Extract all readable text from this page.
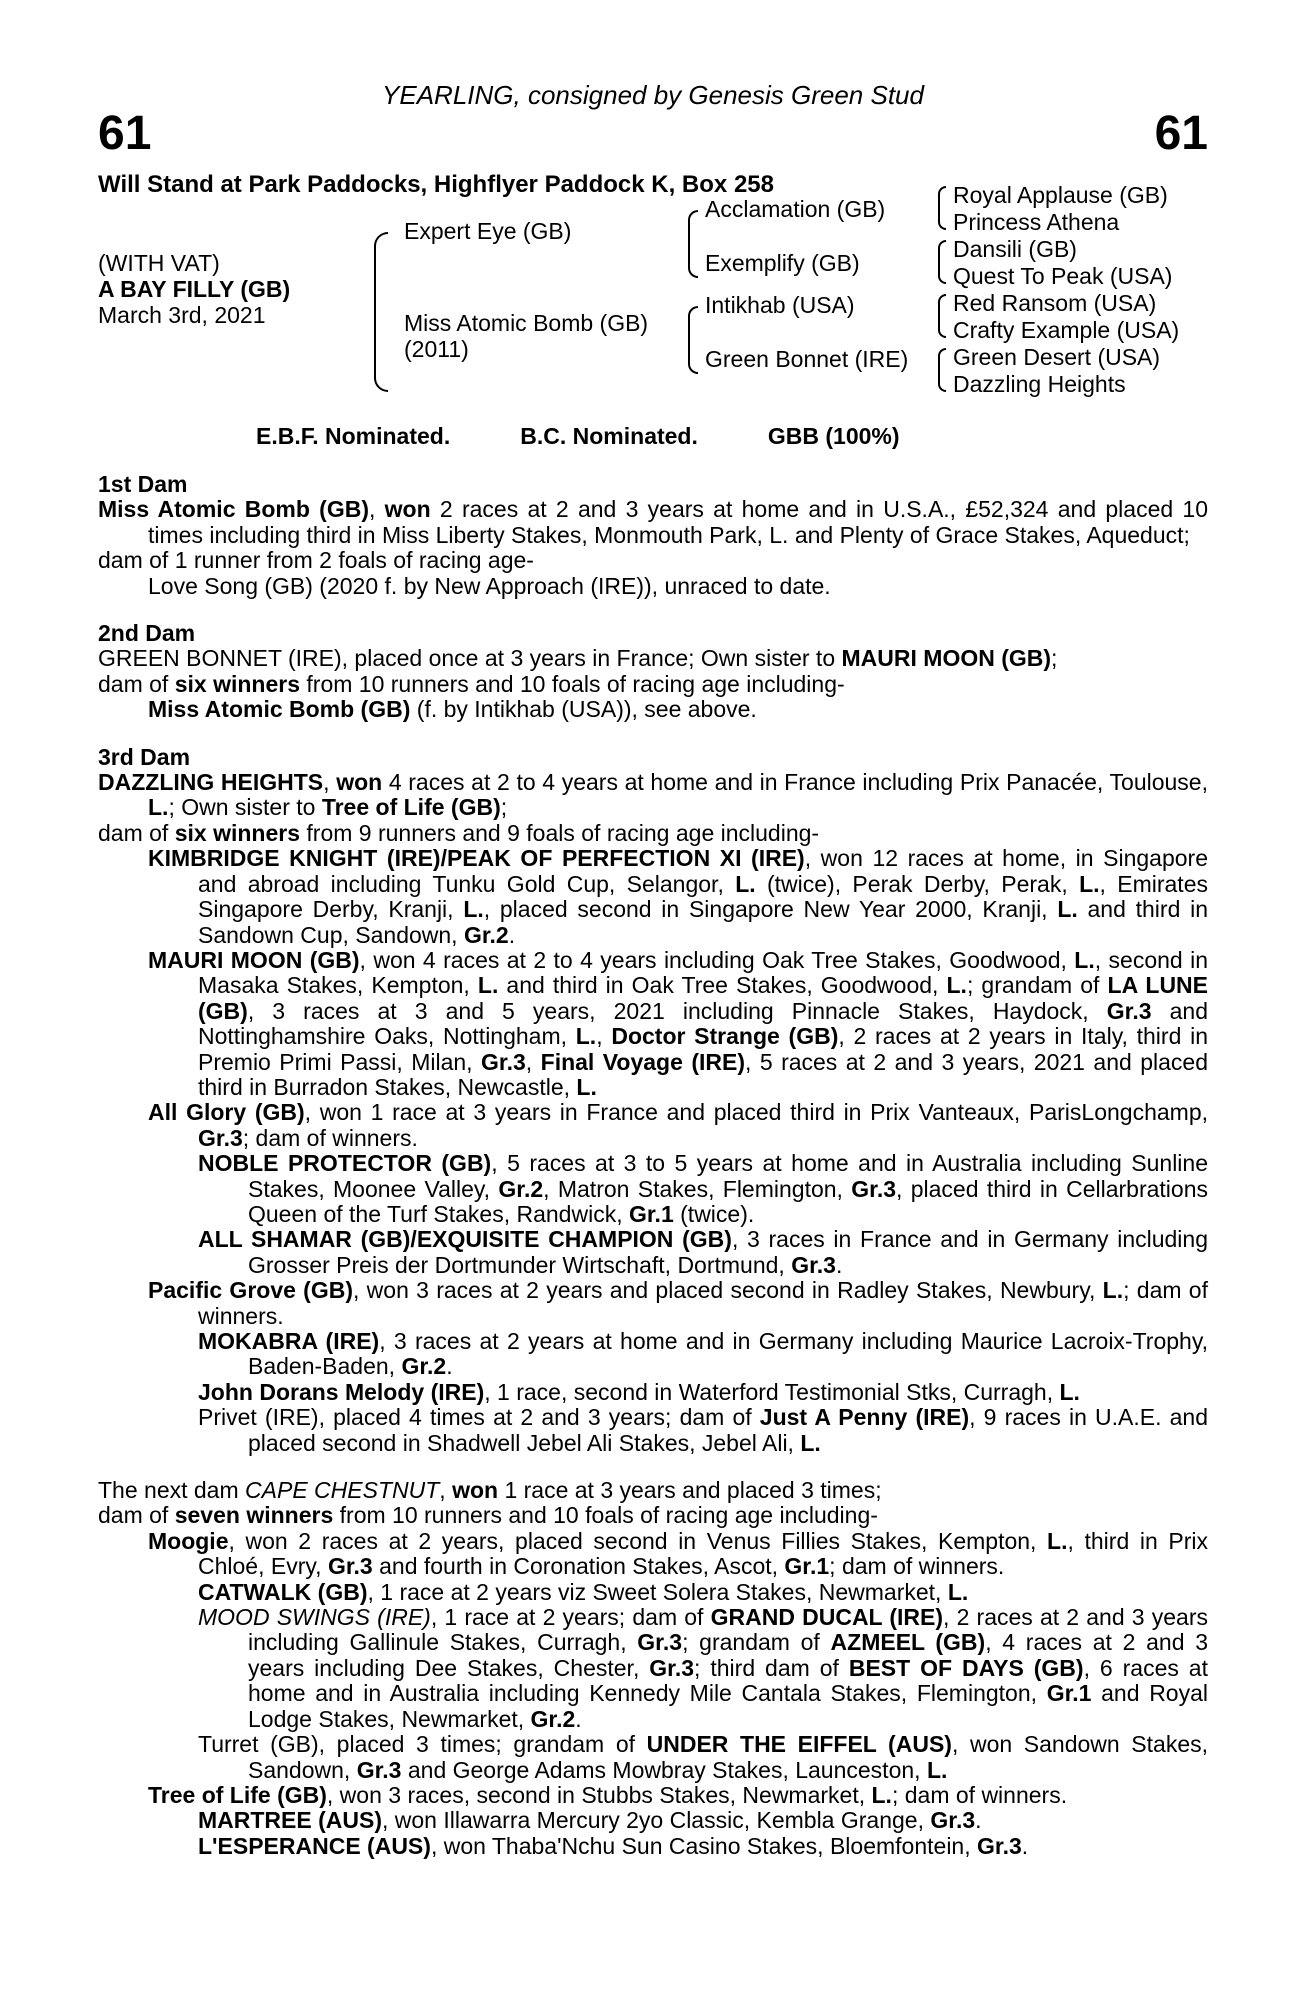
YEARLING, consigned by Genesis Green Stud
61	61
Will Stand at Park Paddocks, Highflyer Paddock K, Box 258
(WITH VAT)
A BAY FILLY (GB)
March 3rd, 2021
Expert Eye (GB)
Miss Atomic Bomb (GB)
(2011)
Acclamation (GB)
Exemplify (GB)
Intikhab (USA)
Green Bonnet (IRE)
Royal Applause (GB)
Princess Athena
Dansili (GB)
Quest To Peak (USA)
Red Ransom (USA)
Crafty Example (USA)
Green Desert (USA)
Dazzling Heights
E.B.F. Nominated.	B.C. Nominated.	GBB (100%)
1st Dam

Miss Atomic Bomb (GB), won 2 races at 2 and 3 years at home and in U.S.A., £52,324 and placed 10 times including third in Miss Liberty Stakes, Monmouth Park, L. and Plenty of Grace Stakes, Aqueduct;

dam of 1 runner from 2 foals of racing age-

Love Song (GB) (2020 f. by New Approach (IRE)), unraced to date.

2nd Dam

GREEN BONNET (IRE), placed once at 3 years in France; Own sister to MAURI MOON (GB);

dam of six winners from 10 runners and 10 foals of racing age including-

Miss Atomic Bomb (GB) (f. by Intikhab (USA)), see above.

3rd Dam

DAZZLING HEIGHTS, won 4 races at 2 to 4 years at home and in France including Prix Panacée, Toulouse, L.; Own sister to Tree of Life (GB);

dam of six winners from 9 runners and 9 foals of racing age including-

KIMBRIDGE KNIGHT (IRE)/PEAK OF PERFECTION XI (IRE), won 12 races at home, in Singapore and abroad including Tunku Gold Cup, Selangor, L. (twice), Perak Derby, Perak, L., Emirates Singapore Derby, Kranji, L., placed second in Singapore New Year 2000, Kranji, L. and third in Sandown Cup, Sandown, Gr.2.

MAURI MOON (GB), won 4 races at 2 to 4 years including Oak Tree Stakes, Goodwood, L., second in Masaka Stakes, Kempton, L. and third in Oak Tree Stakes, Goodwood, L.; grandam of LA LUNE (GB), 3 races at 3 and 5 years, 2021 including Pinnacle Stakes, Haydock, Gr.3 and Nottinghamshire Oaks, Nottingham, L., Doctor Strange (GB), 2 races at 2 years in Italy, third in Premio Primi Passi, Milan, Gr.3, Final Voyage (IRE), 5 races at 2 and 3 years, 2021 and placed third in Burradon Stakes, Newcastle, L.

All Glory (GB), won 1 race at 3 years in France and placed third in Prix Vanteaux, ParisLongchamp, Gr.3; dam of winners.

NOBLE PROTECTOR (GB), 5 races at 3 to 5 years at home and in Australia including Sunline Stakes, Moonee Valley, Gr.2, Matron Stakes, Flemington, Gr.3, placed third in Cellarbrations Queen of the Turf Stakes, Randwick, Gr.1 (twice).

ALL SHAMAR (GB)/EXQUISITE CHAMPION (GB), 3 races in France and in Germany including Grosser Preis der Dortmunder Wirtschaft, Dortmund, Gr.3.

Pacific Grove (GB), won 3 races at 2 years and placed second in Radley Stakes, Newbury, L.; dam of winners.

MOKABRA (IRE), 3 races at 2 years at home and in Germany including Maurice Lacroix-Trophy, Baden-Baden, Gr.2.

John Dorans Melody (IRE), 1 race, second in Waterford Testimonial Stks, Curragh, L.

Privet (IRE), placed 4 times at 2 and 3 years; dam of Just A Penny (IRE), 9 races in U.A.E. and placed second in Shadwell Jebel Ali Stakes, Jebel Ali, L.

The next dam CAPE CHESTNUT, won 1 race at 3 years and placed 3 times;

dam of seven winners from 10 runners and 10 foals of racing age including-

Moogie, won 2 races at 2 years, placed second in Venus Fillies Stakes, Kempton, L., third in Prix Chloé, Evry, Gr.3 and fourth in Coronation Stakes, Ascot, Gr.1; dam of winners.

CATWALK (GB), 1 race at 2 years viz Sweet Solera Stakes, Newmarket, L.

MOOD SWINGS (IRE), 1 race at 2 years; dam of GRAND DUCAL (IRE), 2 races at 2 and 3 years including Gallinule Stakes, Curragh, Gr.3; grandam of AZMEEL (GB), 4 races at 2 and 3 years including Dee Stakes, Chester, Gr.3; third dam of BEST OF DAYS (GB), 6 races at home and in Australia including Kennedy Mile Cantala Stakes, Flemington, Gr.1 and Royal Lodge Stakes, Newmarket, Gr.2.

Turret (GB), placed 3 times; grandam of UNDER THE EIFFEL (AUS), won Sandown Stakes, Sandown, Gr.3 and George Adams Mowbray Stakes, Launceston, L.

Tree of Life (GB), won 3 races, second in Stubbs Stakes, Newmarket, L.; dam of winners.

MARTREE (AUS), won Illawarra Mercury 2yo Classic, Kembla Grange, Gr.3.

L'ESPERANCE (AUS), won Thaba'Nchu Sun Casino Stakes, Bloemfontein, Gr.3.
